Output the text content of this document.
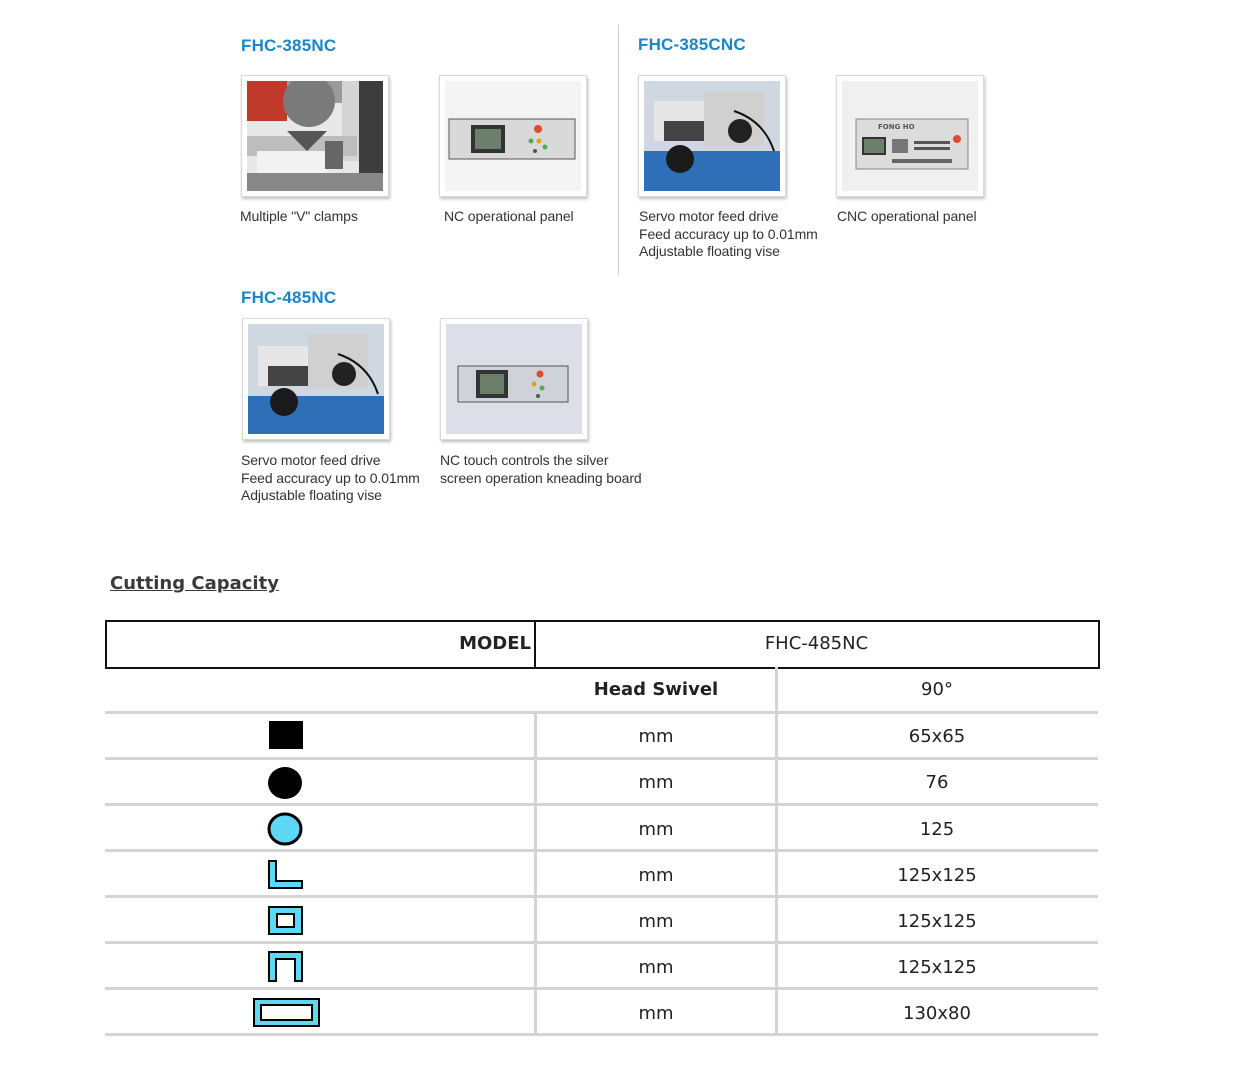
FHC-385NC	FHC-385CNC
FHC-485NC
FONG HO
Multiple "V" clamps	NC operational panel	Servo motor feed drive
Feed accuracy up to 0.01mm
Adjustable floating vise
CNC operational panel
Servo motor feed drive
Feed accuracy up to 0.01mm
Adjustable floating vise
NC touch controls the silver
screen operation kneading board
Cutting Capacity
MODEL	FHC-485NC
Head Swivel	90°
mm	65x65
mm	76
mm	125
mm	125x125
mm	125x125
mm	125x125
mm	130x80
